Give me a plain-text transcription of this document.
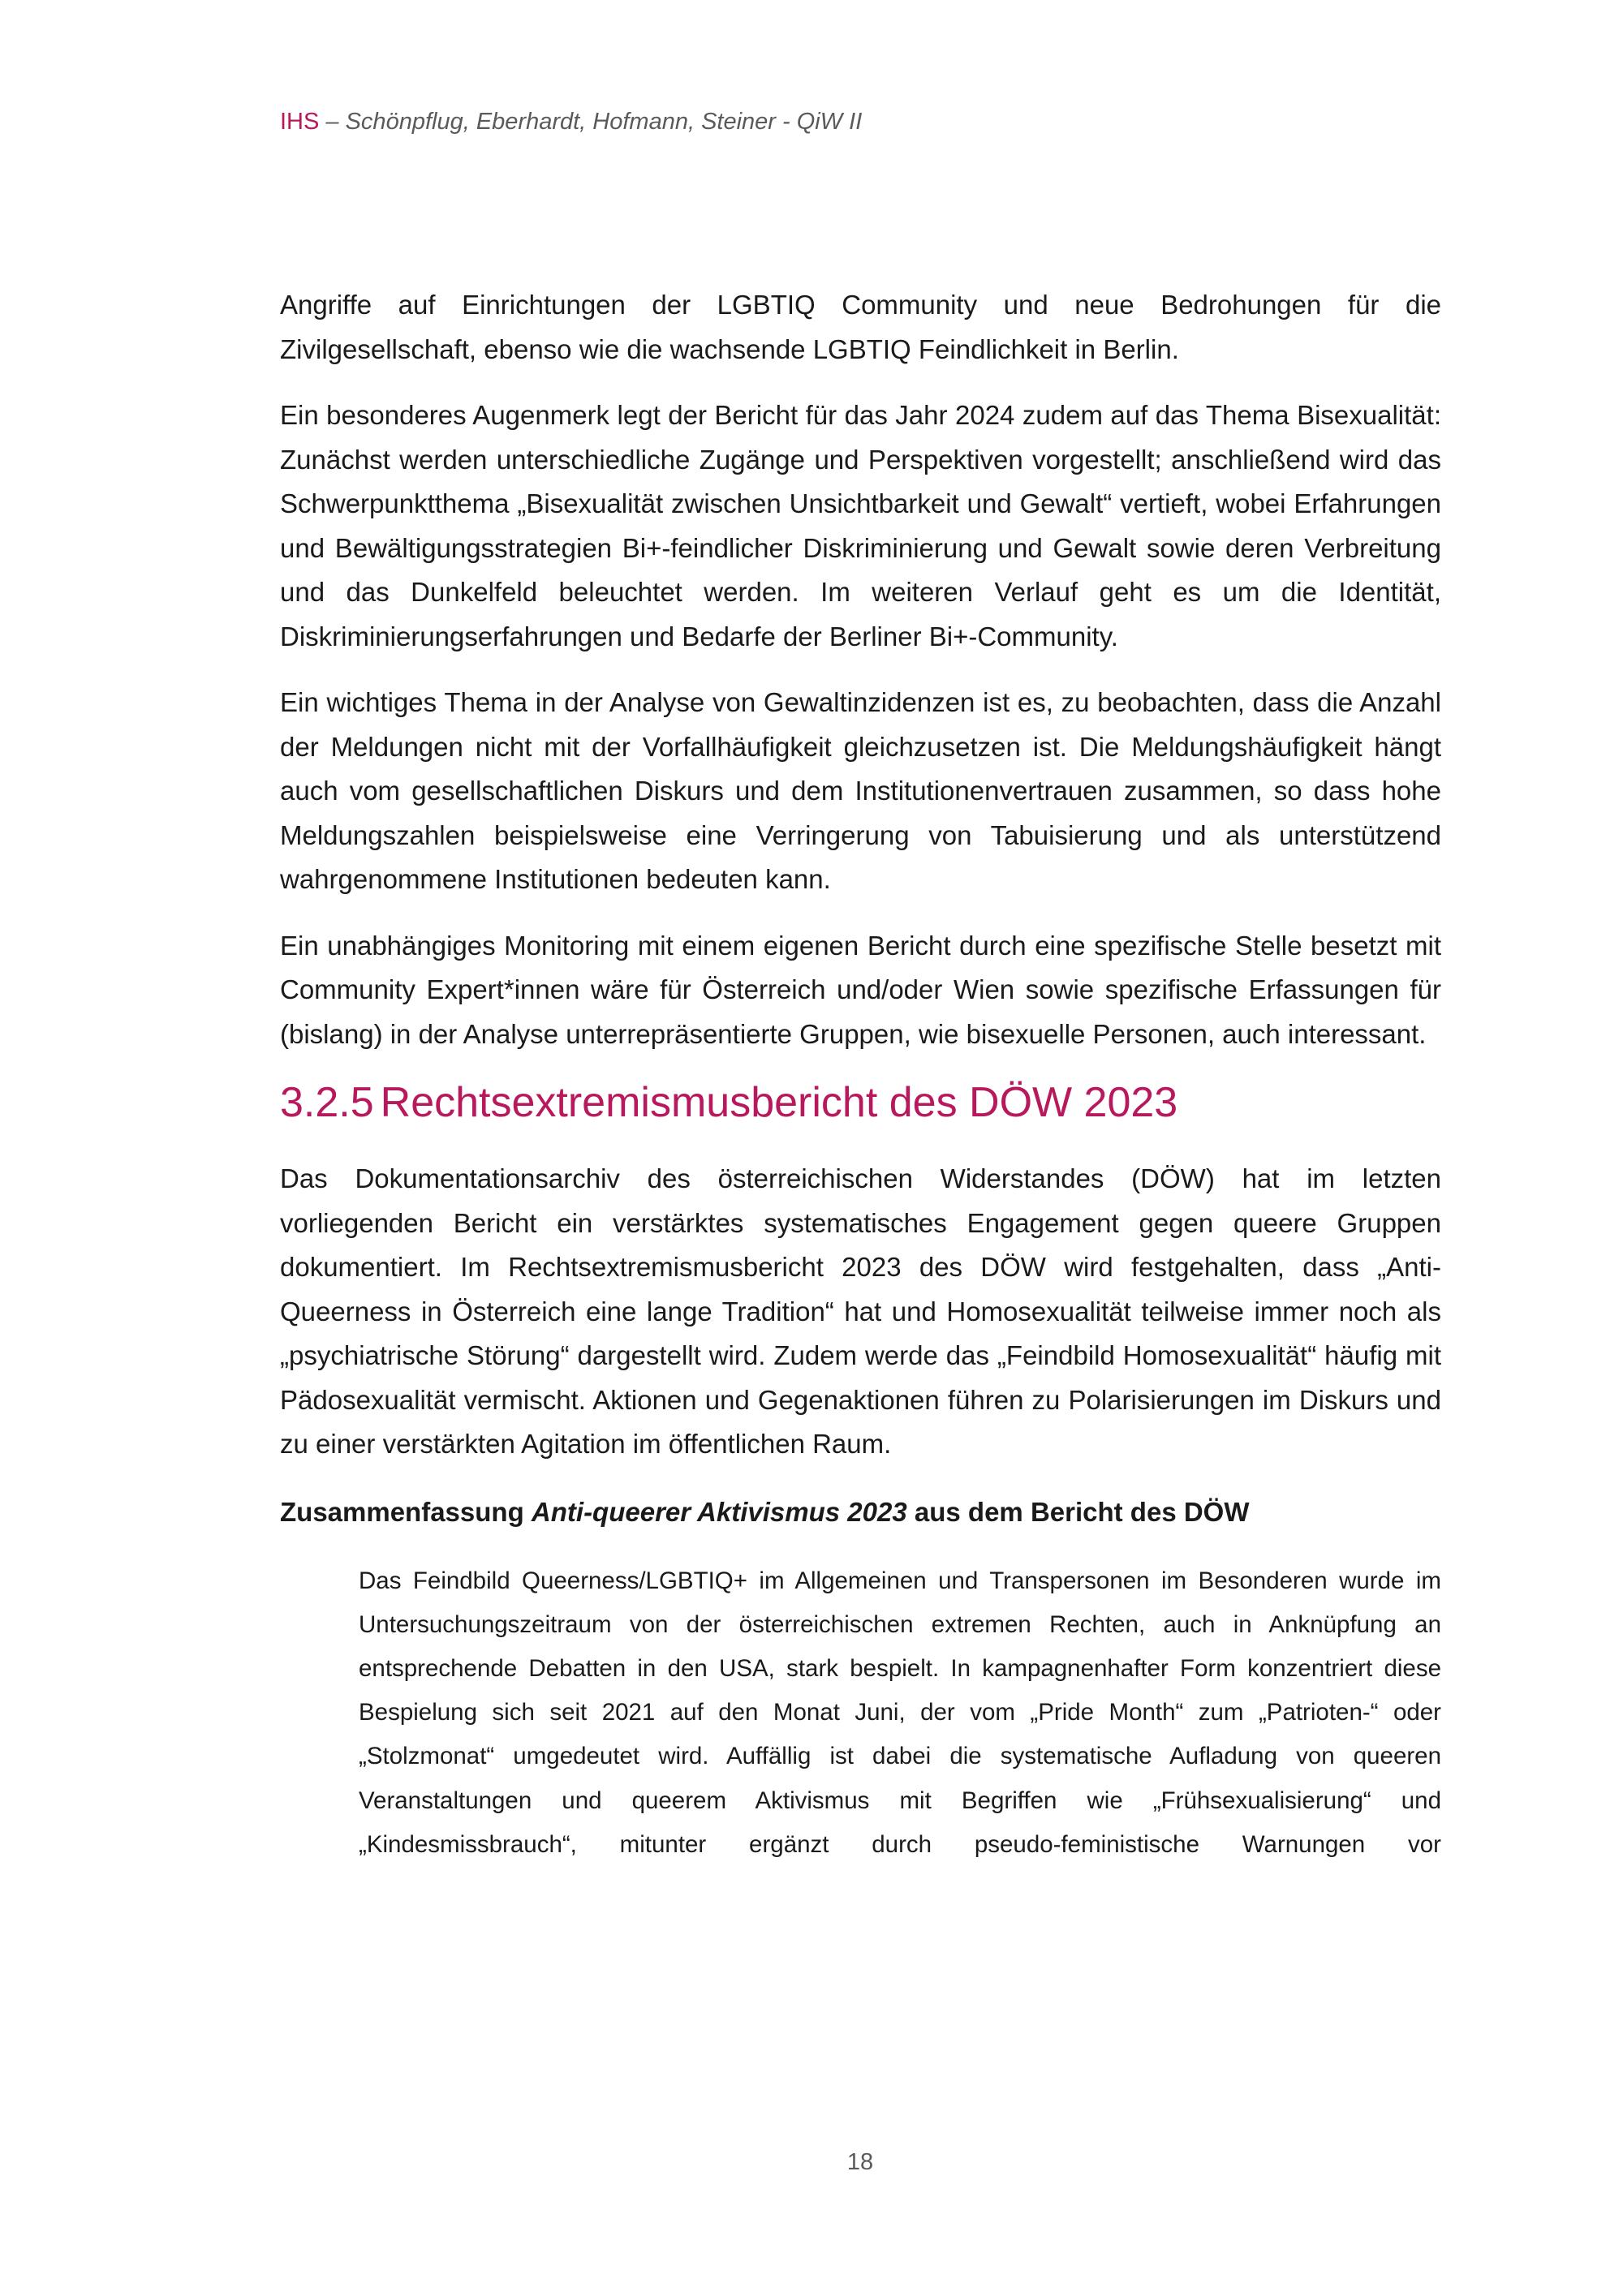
IHS – Schönpflug, Eberhardt, Hofmann, Steiner - QiW II

Angriffe auf Einrichtungen der LGBTIQ Community und neue Bedrohungen für die Zivilgesellschaft, ebenso wie die wachsende LGBTIQ Feindlichkeit in Berlin.

Ein besonderes Augenmerk legt der Bericht für das Jahr 2024 zudem auf das Thema Bisexualität: Zunächst werden unterschiedliche Zugänge und Perspektiven vorgestellt; anschließend wird das Schwerpunktthema „Bisexualität zwischen Unsichtbarkeit und Gewalt“ vertieft, wobei Erfahrungen und Bewältigungsstrategien Bi+-feindlicher Diskriminierung und Gewalt sowie deren Verbreitung und das Dunkelfeld beleuchtet werden. Im weiteren Verlauf geht es um die Identität, Diskriminierungserfahrungen und Bedarfe der Berliner Bi+-Community.

Ein wichtiges Thema in der Analyse von Gewaltinzidenzen ist es, zu beobachten, dass die Anzahl der Meldungen nicht mit der Vorfallhäufigkeit gleichzusetzen ist. Die Meldungshäufigkeit hängt auch vom gesellschaftlichen Diskurs und dem Institutionenvertrauen zusammen, so dass hohe Meldungszahlen beispielsweise eine Verringerung von Tabuisierung und als unterstützend wahrgenommene Institutionen bedeuten kann.

Ein unabhängiges Monitoring mit einem eigenen Bericht durch eine spezifische Stelle besetzt mit Community Expert*innen wäre für Österreich und/oder Wien sowie spezifische Erfassungen für (bislang) in der Analyse unterrepräsentierte Gruppen, wie bisexuelle Personen, auch interessant.

3.2.5 Rechtsextremismusbericht des DÖW 2023

Das Dokumentationsarchiv des österreichischen Widerstandes (DÖW) hat im letzten vorliegenden Bericht ein verstärktes systematisches Engagement gegen queere Gruppen dokumentiert. Im Rechtsextremismusbericht 2023 des DÖW wird festgehalten, dass „Anti-Queerness in Österreich eine lange Tradition“ hat und Homosexualität teilweise immer noch als „psychiatrische Störung“ dargestellt wird. Zudem werde das „Feindbild Homosexualität“ häufig mit Pädosexualität vermischt. Aktionen und Gegenaktionen führen zu Polarisierungen im Diskurs und zu einer verstärkten Agitation im öffentlichen Raum.

Zusammenfassung Anti-queerer Aktivismus 2023 aus dem Bericht des DÖW

Das Feindbild Queerness/LGBTIQ+ im Allgemeinen und Transpersonen im Besonderen wurde im Untersuchungszeitraum von der österreichischen extremen Rechten, auch in Anknüpfung an entsprechende Debatten in den USA, stark bespielt. In kampagnenhafter Form konzentriert diese Bespielung sich seit 2021 auf den Monat Juni, der vom „Pride Month“ zum „Patrioten-“ oder „Stolzmonat“ umgedeutet wird. Auffällig ist dabei die systematische Aufladung von queeren Veranstaltungen und queerem Aktivismus mit Begriffen wie „Frühsexualisierung“ und „Kindesmissbrauch“, mitunter ergänzt durch pseudo-feministische Warnungen vor

18
